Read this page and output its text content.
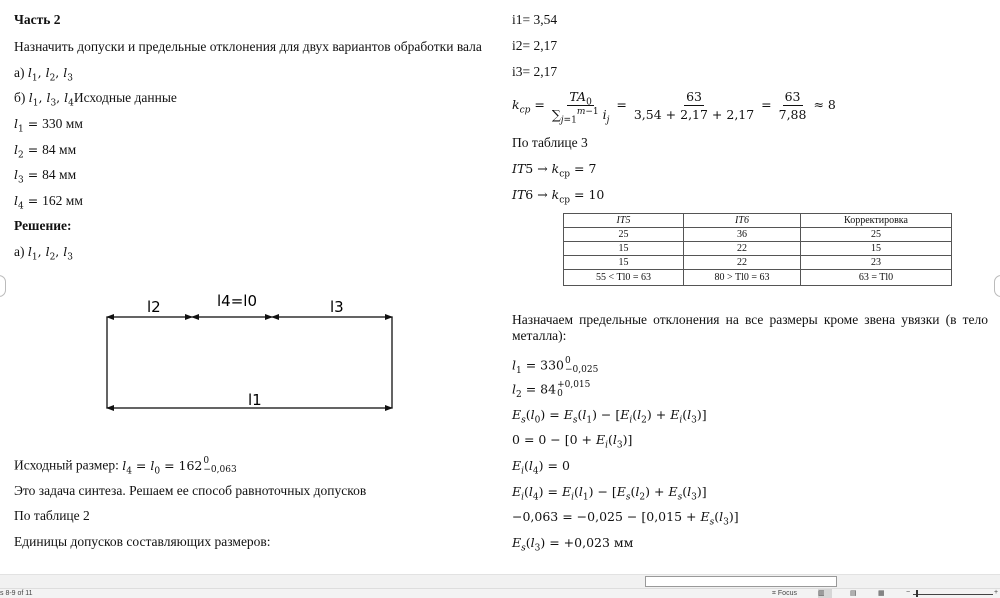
Часть 2
Назначить допуски и предельные отклонения для двух вариантов обработки вала
а) $l_1$, $l_2$, $l_3$
б) $l_1$, $l_3$, $l_4Исходные$ данные
$l_1 = 330$ мм
$l_2 = 84$ мм
$l_3 = 84$ мм
$l_4 = 162$ мм
Решение:
а) $l_1$, $l_2$, $l_3$
l2	l4=l0	l3
l1
Исходный размер: $l_4 = l_0 = 162$ 0
−0,063
Это задача синтеза. Решаем ее способ равноточных допусков
По таблице 2
Единицы допусков составляющих размеров:
i1= 3,54
i2= 2,17
i3= 2,17
$k_{cp} = \frac{TA_0}{\sum_{j=1}^{m-1} i_j} = \frac{63}{3,54 + 2,17 + 2,17} = \frac{63}{7,88} \approx 8$
По таблице 3
$IT5 \to k_{cp} = 7$
$IT6 \to k_{cp} = 10$
IT5	IT6	Корректировка
25	36	25
15	22	15
15	22	23
55 < Tl0 = 63	80 > Tl0 = 63	63 = Tl0
Назначаем предельные отклонения на все размеры кроме звена увязки (в тело
металла):
$l_1 = 330$ 0
−0,025
$l_2 = 84 +0,015$
0
$E_s(l_0) = E_s(l_1) - [E_i(l_2) + E_i(l_3)]$
$0 = 0 - [0 + E_i(l_3)]$
$E_i(l_4) = 0$
$E_i(l_4) = E_i(l_1) - [E_s(l_2) + E_s(l_3)]$
$-0,063 = -0,025 - [0,015 + E_s(l_3)]$
$E_s(l_3) = +0,023$ мм
s 8-9 of 11	⌗ Focus	▥	▤	▦	−	+
